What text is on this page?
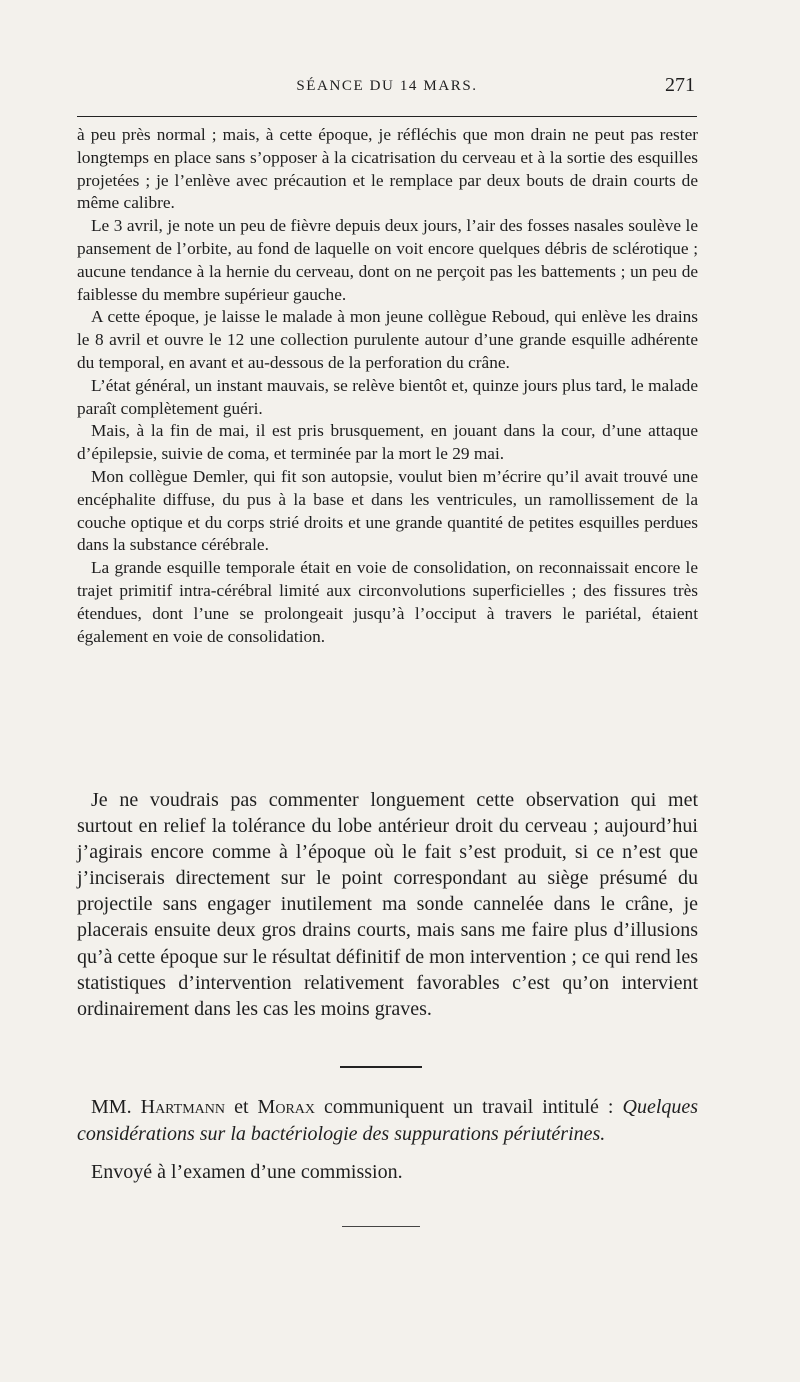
SÉANCE DU 14 MARS.	271

à peu près normal ; mais, à cette époque, je réfléchis que mon drain ne peut pas rester longtemps en place sans s’opposer à la cicatrisation du cerveau et à la sortie des esquilles projetées ; je l’enlève avec précaution et le remplace par deux bouts de drain courts de même calibre.

Le 3 avril, je note un peu de fièvre depuis deux jours, l’air des fosses nasales soulève le pansement de l’orbite, au fond de laquelle on voit encore quelques débris de sclérotique ; aucune tendance à la hernie du cerveau, dont on ne perçoit pas les battements ; un peu de faiblesse du membre supérieur gauche.

A cette époque, je laisse le malade à mon jeune collègue Reboud, qui enlève les drains le 8 avril et ouvre le 12 une collection purulente autour d’une grande esquille adhérente du temporal, en avant et au-dessous de la perforation du crâne.

L’état général, un instant mauvais, se relève bientôt et, quinze jours plus tard, le malade paraît complètement guéri.

Mais, à la fin de mai, il est pris brusquement, en jouant dans la cour, d’une attaque d’épilepsie, suivie de coma, et terminée par la mort le 29 mai.

Mon collègue Demler, qui fit son autopsie, voulut bien m’écrire qu’il avait trouvé une encéphalite diffuse, du pus à la base et dans les ventricules, un ramollissement de la couche optique et du corps strié droits et une grande quantité de petites esquilles perdues dans la substance cérébrale.

La grande esquille temporale était en voie de consolidation, on reconnaissait encore le trajet primitif intra-cérébral limité aux circonvolutions superficielles ; des fissures très étendues, dont l’une se prolongeait jusqu’à l’occiput à travers le pariétal, étaient également en voie de consolidation.

Je ne voudrais pas commenter longuement cette observation qui met surtout en relief la tolérance du lobe antérieur droit du cerveau ; aujourd’hui j’agirais encore comme à l’époque où le fait s’est produit, si ce n’est que j’inciserais directement sur le point correspondant au siège présumé du projectile sans engager inutilement ma sonde cannelée dans le crâne, je placerais ensuite deux gros drains courts, mais sans me faire plus d’illusions qu’à cette époque sur le résultat définitif de mon intervention ; ce qui rend les statistiques d’intervention relativement favorables c’est qu’on intervient ordinairement dans les cas les moins graves.

MM. Hartmann et Morax communiquent un travail intitulé : Quelques considérations sur la bactériologie des suppurations périutérines.

Envoyé à l’examen d’une commission.
